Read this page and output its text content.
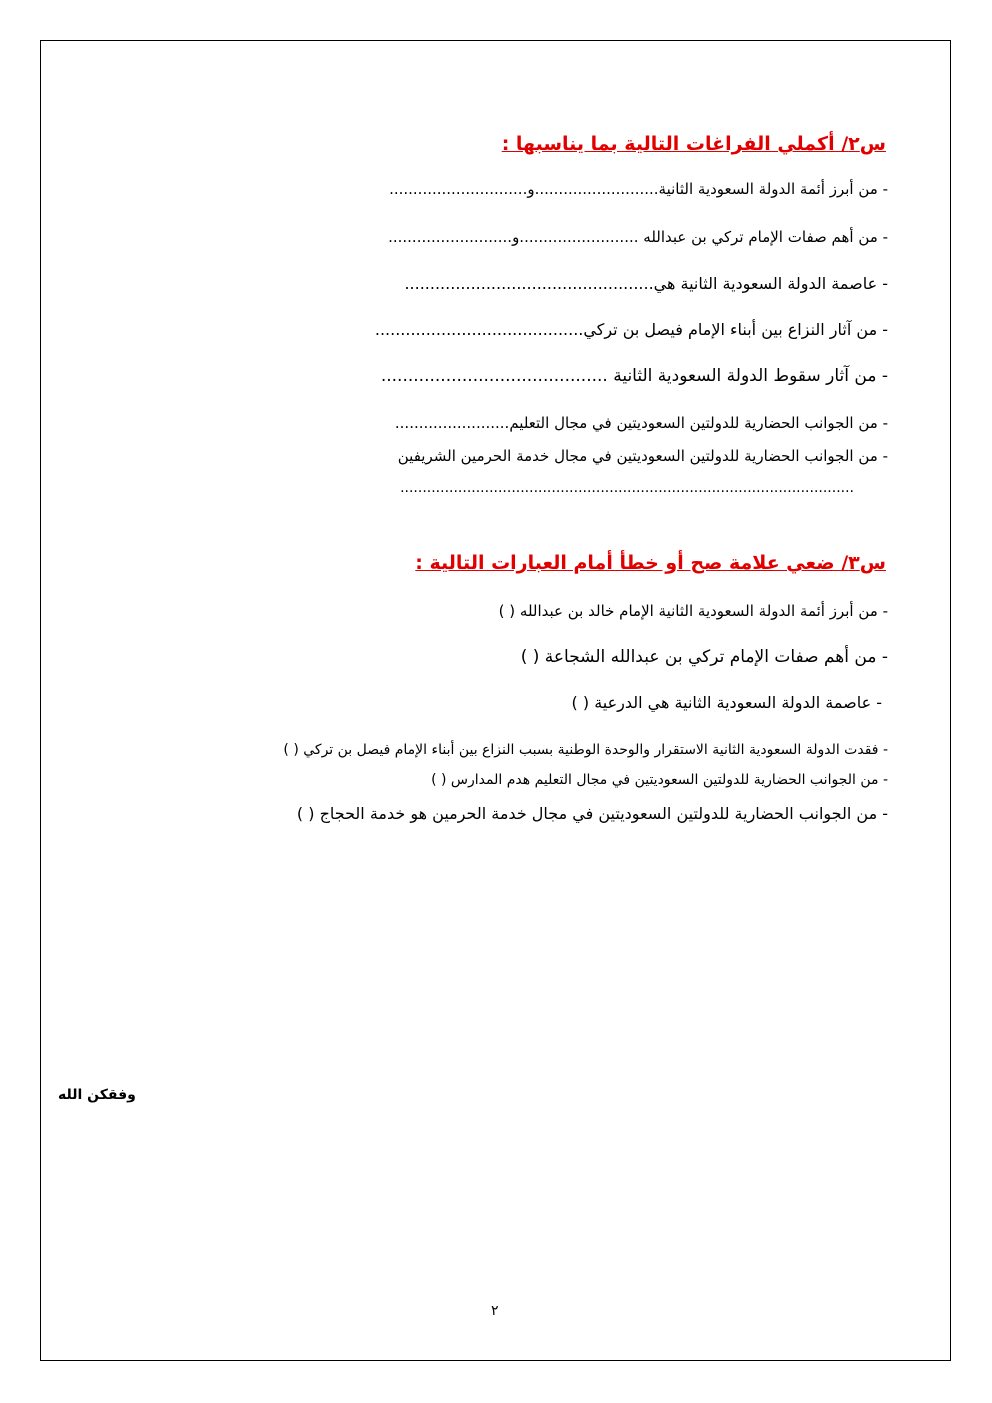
س٢/ أكملي الفراغات التالية بما يناسبها :
- من أبرز أئمة الدولة السعودية الثانية..........................و.............................
- من أهم صفات الإمام تركي بن عبدالله .........................و..........................
- عاصمة الدولة السعودية الثانية هي.................................................
- من آثار النزاع بين أبناء الإمام فيصل بن تركي.........................................
- من آثار سقوط الدولة السعودية الثانية ..........................................
- من الجوانب الحضارية للدولتين السعوديتين في مجال التعليم........................
- من الجوانب الحضارية للدولتين السعوديتين في مجال خدمة الحرمين الشريفين
......................................................................................................
س٣/ ضعي علامة صح أو خطأ أمام العبارات التالية :
- من أبرز أئمة الدولة السعودية الثانية الإمام خالد بن عبدالله ( )
- من أهم صفات الإمام تركي بن عبدالله الشجاعة ( )
- عاصمة الدولة السعودية الثانية هي الدرعية ( )
- فقدت الدولة السعودية الثانية الاستقرار والوحدة الوطنية بسبب النزاع بين أبناء الإمام فيصل بن تركي ( )
- من الجوانب الحضارية للدولتين السعوديتين في مجال التعليم هدم المدارس ( )
- من الجوانب الحضارية للدولتين السعوديتين في مجال خدمة الحرمين هو خدمة الحجاج ( )
وفقكن الله
٢
